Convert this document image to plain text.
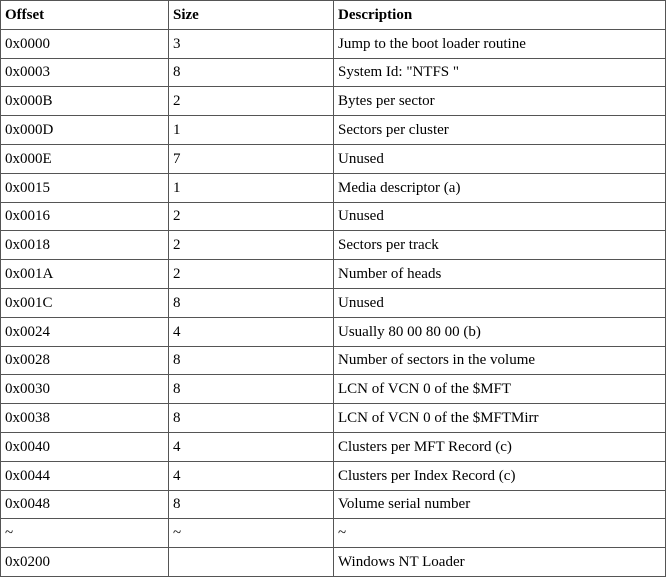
Offset	Size	Description
0x0000	3	Jump to the boot loader routine
0x0003	8	System Id: "NTFS "
0x000B	2	Bytes per sector
0x000D	1	Sectors per cluster
0x000E	7	Unused
0x0015	1	Media descriptor (a)
0x0016	2	Unused
0x0018	2	Sectors per track
0x001A	2	Number of heads
0x001C	8	Unused
0x0024	4	Usually 80 00 80 00 (b)
0x0028	8	Number of sectors in the volume
0x0030	8	LCN of VCN 0 of the $MFT
0x0038	8	LCN of VCN 0 of the $MFTMirr
0x0040	4	Clusters per MFT Record (c)
0x0044	4	Clusters per Index Record (c)
0x0048	8	Volume serial number
~	~	~
0x0200		Windows NT Loader
